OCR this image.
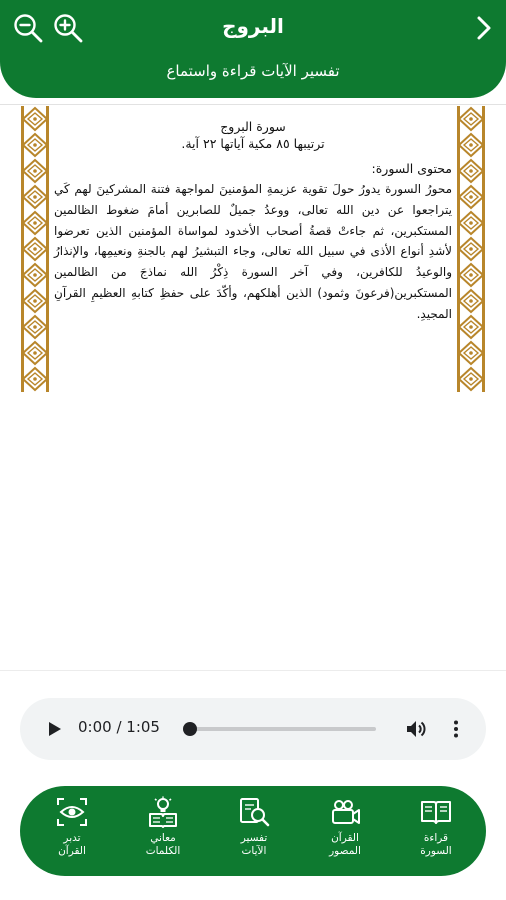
البروج
تفسير الآيات قراءة واستماع
سورة البروج
ترتيبها ٨٥ مكية آياتها ٢٢ آية.
محتوى السورة:
محورُ السورة يدورُ حولَ تقوية عزيمةِ المؤمنينَ لمواجهة فتنة المشركينَ لهم كَي يتراجعوا عن دين الله تعالى، ووعدُ جميلٌ للصابرين أمامَ ضغوط الظالمين المستكبرين، ثم جاءتْ قصةُ أصحاب الأخدود لمواساة المؤمنين الذين تعرضوا لأشدِ أنواع الأذى في سبيل الله تعالى، وجاء التبشيرُ لهم بالجنةِ ونعيمِها، والإنذارُ والوعيدُ للكافرين، وفي آخر السورة ذِكْرُ الله نماذجَ من الظالمين المستكبرين(فرعونَ وثمود) الذين أهلكهم، وأكّدَ على حفظِ كتابهِ العظيمِ القرآنِ المجيدِ.
0:00 / 1:05
قراءة
السورة
القرآن
المصور
تفسير
الآيات
معاني
الكلمات
تدبر
القرآن
